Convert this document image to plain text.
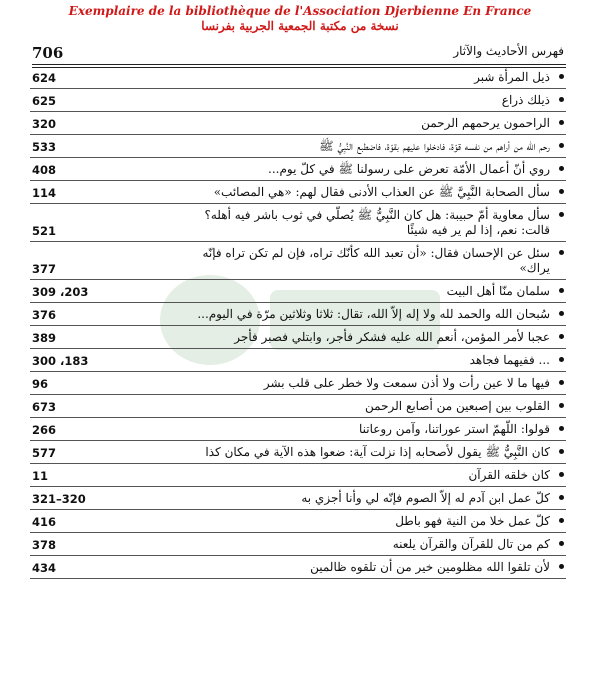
Exemplaire de la bibliothèque de l'Association Djerbienne En France
نسخة من مكتبة الجمعية الجربية بفرنسا
706	فهرس الأحاديث والآثار
ذيل المرأة شبر
624
ذيلك ذراع
625
الراحمون يرحمهم الرحمن
320
رحم الله من أراهم من نفسه قوّة، فادخلوا عليهم بقوّة، فاضطبع النَّبِيُّ ﷺ
533
روي أنّ أعمال الأمّة تعرض على رسولنا ﷺ في كلّ يوم...
408
سأل الصحابة النَّبِيَّ ﷺ عن العذاب الأدنى فقال لهم: «هي المصائب»
114
سأل معاوية أمّ حبيبة: هل كان النَّبِيُّ ﷺ يُصلّي في ثوب باشر فيه أهله؟
قالت: نعم، إذا لم ير فيه شيئًا
521
سئل عن الإحسان فقال: «أن تعبد الله كأنّك تراه، فإن لم تكن تراه فإنّه
يراك»
377
سلمان منّا أهل البيت
309 ،203
سُبحان الله والحمد لله ولا إله إلاّ الله، تقال: ثلاثا وثلاثين مرّة في اليوم...
376
عجبا لأمر المؤمن، أنعم الله عليه فشكر فأجر، وابتلي فصبر فأجر
389
... ففيهما فجاهد
300 ،183
فيها ما لا عين رأت ولا أذن سمعت ولا خطر على قلب بشر
96
القلوب بين إصبعين من أصابع الرحمن
673
قولوا: اللّهمّ استر عوراتنا، وآمن روعاتنا
266
كان النَّبِيُّ ﷺ يقول لأصحابه إذا نزلت آية: ضعوا هذه الآية في مكان كذا
577
كان خلقه القرآن
11
كلّ عمل ابن آدم له إلاّ الصوم فإنّه لي وأنا أجزي به
321–320
كلّ عمل خلا من النية فهو باطل
416
كم من تال للقرآن والقرآن يلعنه
378
لأن تلقوا الله مظلومين خير من أن تلقوه ظالمين
434
